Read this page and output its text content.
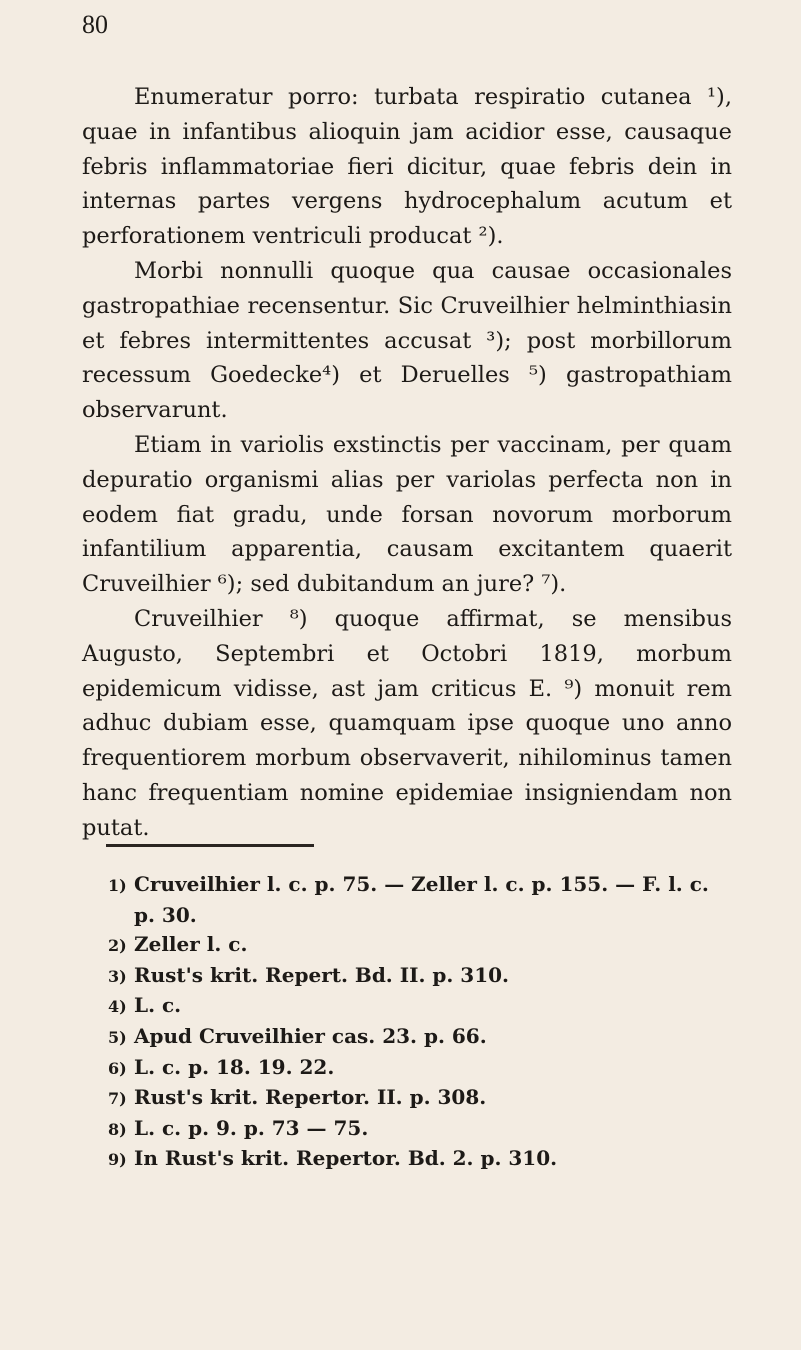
80

Enumeratur porro: turbata respiratio cutanea ¹), quae in infantibus alioquin jam acidior esse, causaque febris inflammatoriae fieri dicitur, quae febris dein in internas partes vergens hydrocephalum acutum et perforationem ventriculi producat ²).

Morbi nonnulli quoque qua causae occasionales gastropathiae recensentur. Sic Cruveilhier helminthiasin et febres intermittentes accusat ³); post morbillorum recessum Goedecke⁴) et Deruelles ⁵) gastropathiam observarunt.

Etiam in variolis exstinctis per vaccinam, per quam depuratio organismi alias per variolas perfecta non in eodem fiat gradu, unde forsan novorum morborum infantilium apparentia, causam excitantem quaerit Cruveilhier ⁶); sed dubitandum an jure? ⁷).

Cruveilhier ⁸) quoque affirmat, se mensibus Augusto, Septembri et Octobri 1819, morbum epidemicum vidisse, ast jam criticus E. ⁹) monuit rem adhuc dubiam esse, quamquam ipse quoque uno anno frequentiorem morbum observaverit, nihilominus tamen hanc frequentiam nomine epidemiae insigniendam non putat.

1) Cruveilhier l. c. p. 75. — Zeller l. c. p. 155. — F. l. c.
p. 30.
2) Zeller l. c.
3) Rust's krit. Repert. Bd. II. p. 310.
4) L. c.
5) Apud Cruveilhier cas. 23. p. 66.
6) L. c. p. 18. 19. 22.
7) Rust's krit. Repertor. II. p. 308.
8) L. c. p. 9. p. 73 — 75.
9) In Rust's krit. Repertor. Bd. 2. p. 310.
